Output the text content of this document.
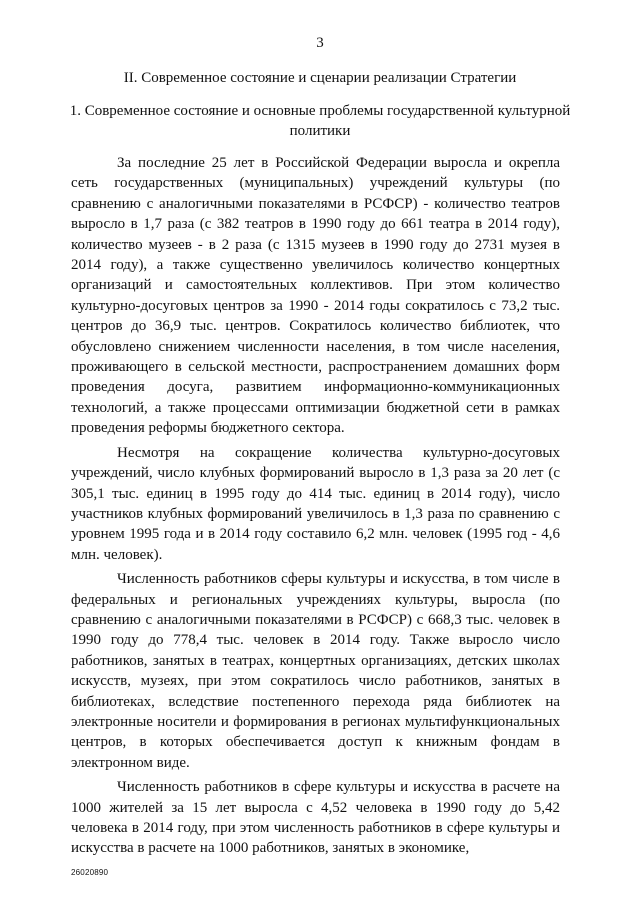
3
II. Современное состояние и сценарии реализации Стратегии
1. Современное состояние и основные проблемы государственной культурной политики

За последние 25 лет в Российской Федерации выросла и окрепла сеть государственных (муниципальных) учреждений культуры (по сравнению с аналогичными показателями в РСФСР) - количество театров выросло в 1,7 раза (с 382 театров в 1990 году до 661 театра в 2014 году), количество музеев - в 2 раза (с 1315 музеев в 1990 году до 2731 музея в 2014 году), а также существенно увеличилось количество концертных организаций и самостоятельных коллективов. При этом количество культурно-досуговых центров за 1990 - 2014 годы сократилось с 73,2 тыс. центров до 36,9 тыс. центров. Сократилось количество библиотек, что обусловлено снижением численности населения, в том числе населения, проживающего в сельской местности, распространением домашних форм проведения досуга, развитием информационно-коммуникационных технологий, а также процессами оптимизации бюджетной сети в рамках проведения реформы бюджетного сектора.

Несмотря на сокращение количества культурно-досуговых учреждений, число клубных формирований выросло в 1,3 раза за 20 лет (с 305,1 тыс. единиц в 1995 году до 414 тыс. единиц в 2014 году), число участников клубных формирований увеличилось в 1,3 раза по сравнению с уровнем 1995 года и в 2014 году составило 6,2 млн. человек (1995 год - 4,6 млн. человек).

Численность работников сферы культуры и искусства, в том числе в федеральных и региональных учреждениях культуры, выросла (по сравнению с аналогичными показателями в РСФСР) с 668,3 тыс. человек в 1990 году до 778,4 тыс. человек в 2014 году. Также выросло число работников, занятых в театрах, концертных организациях, детских школах искусств, музеях, при этом сократилось число работников, занятых в библиотеках, вследствие постепенного перехода ряда библиотек на электронные носители и формирования в регионах мультифункциональных центров, в которых обеспечивается доступ к книжным фондам в электронном виде.

Численность работников в сфере культуры и искусства в расчете на 1000 жителей за 15 лет выросла с 4,52 человека в 1990 году до 5,42 человека в 2014 году, при этом численность работников в сфере культуры и искусства в расчете на 1000 работников, занятых в экономике,

26020890
